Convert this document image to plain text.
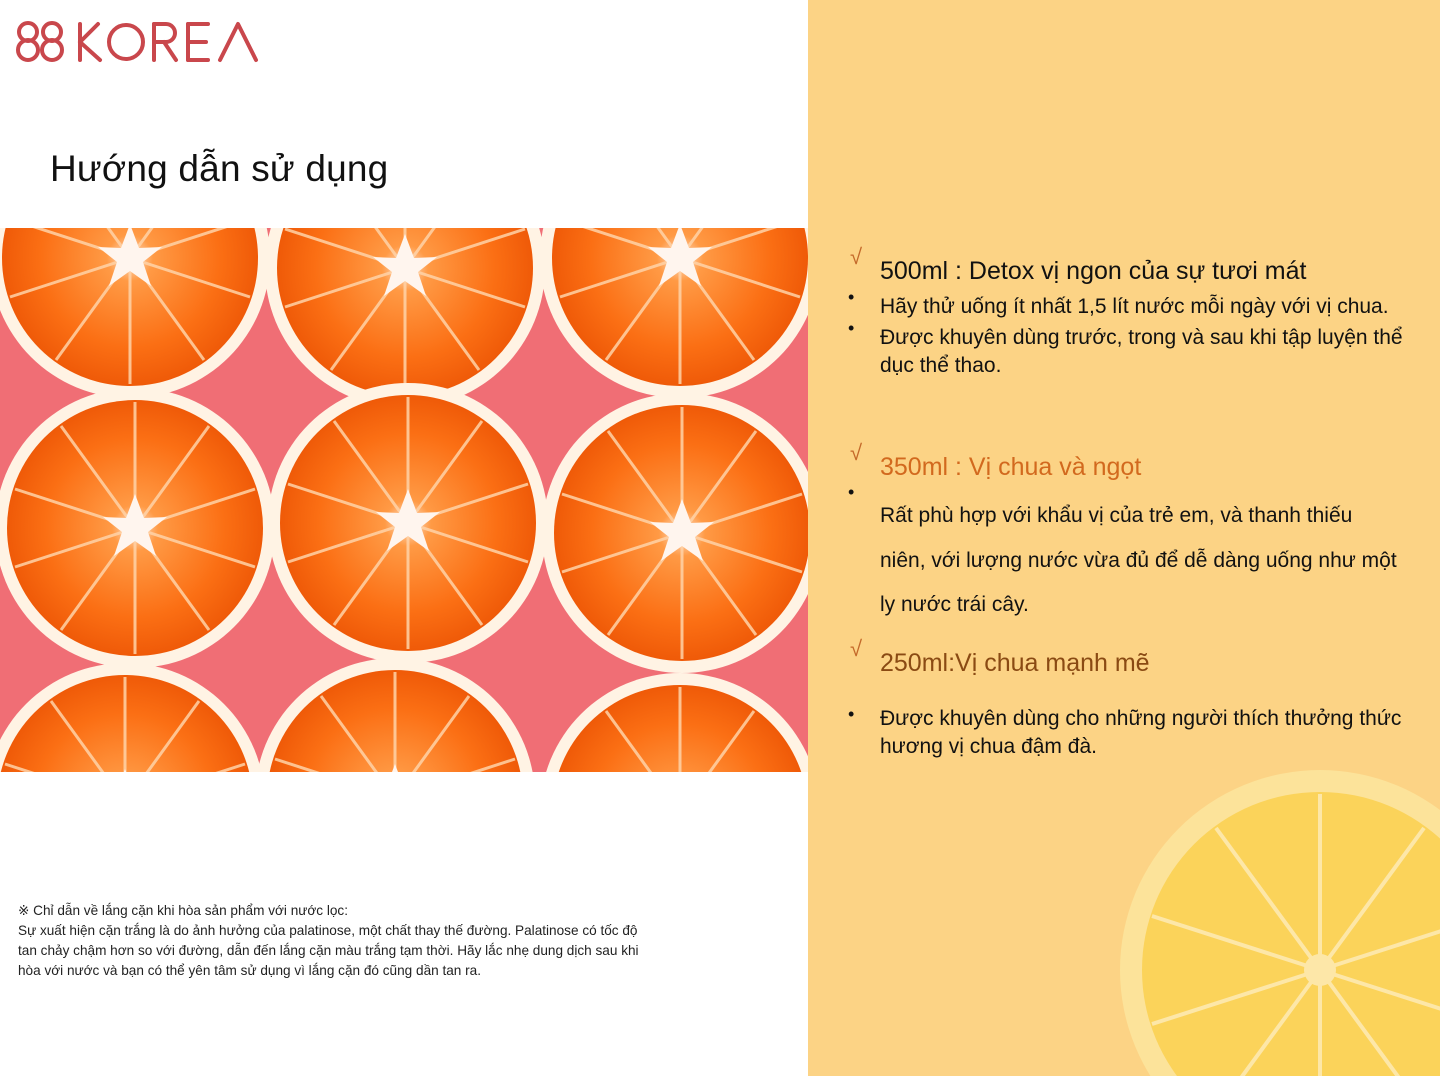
Hướng dẫn sử dụng

※ Chỉ dẫn về lắng cặn khi hòa sản phẩm với nước lọc:

Sự xuất hiện cặn trắng là do ảnh hưởng của palatinose, một chất thay thế đường. Palatinose có tốc độ

tan chảy chậm hơn so với đường, dẫn đến lắng cặn màu trắng tạm thời. Hãy lắc nhẹ dung dịch sau khi

hòa với nước và bạn có thể yên tâm sử dụng vì lắng cặn đó cũng dần tan ra.

√
500ml : Detox vị ngon của sự tươi mát
• Hãy thử uống ít nhất 1,5 lít nước mỗi ngày với vị chua.
• Được khuyên dùng trước, trong và sau khi tập luyện thể
dục thể thao.
√
350ml : Vị chua và ngọt
•
Rất phù hợp với khẩu vị của trẻ em, và thanh thiếu
niên, với lượng nước vừa đủ để dễ dàng uống như một
ly nước trái cây.
√
250ml:Vị chua mạnh mẽ
• Được khuyên dùng cho những người thích thưởng thức
hương vị chua đậm đà.
